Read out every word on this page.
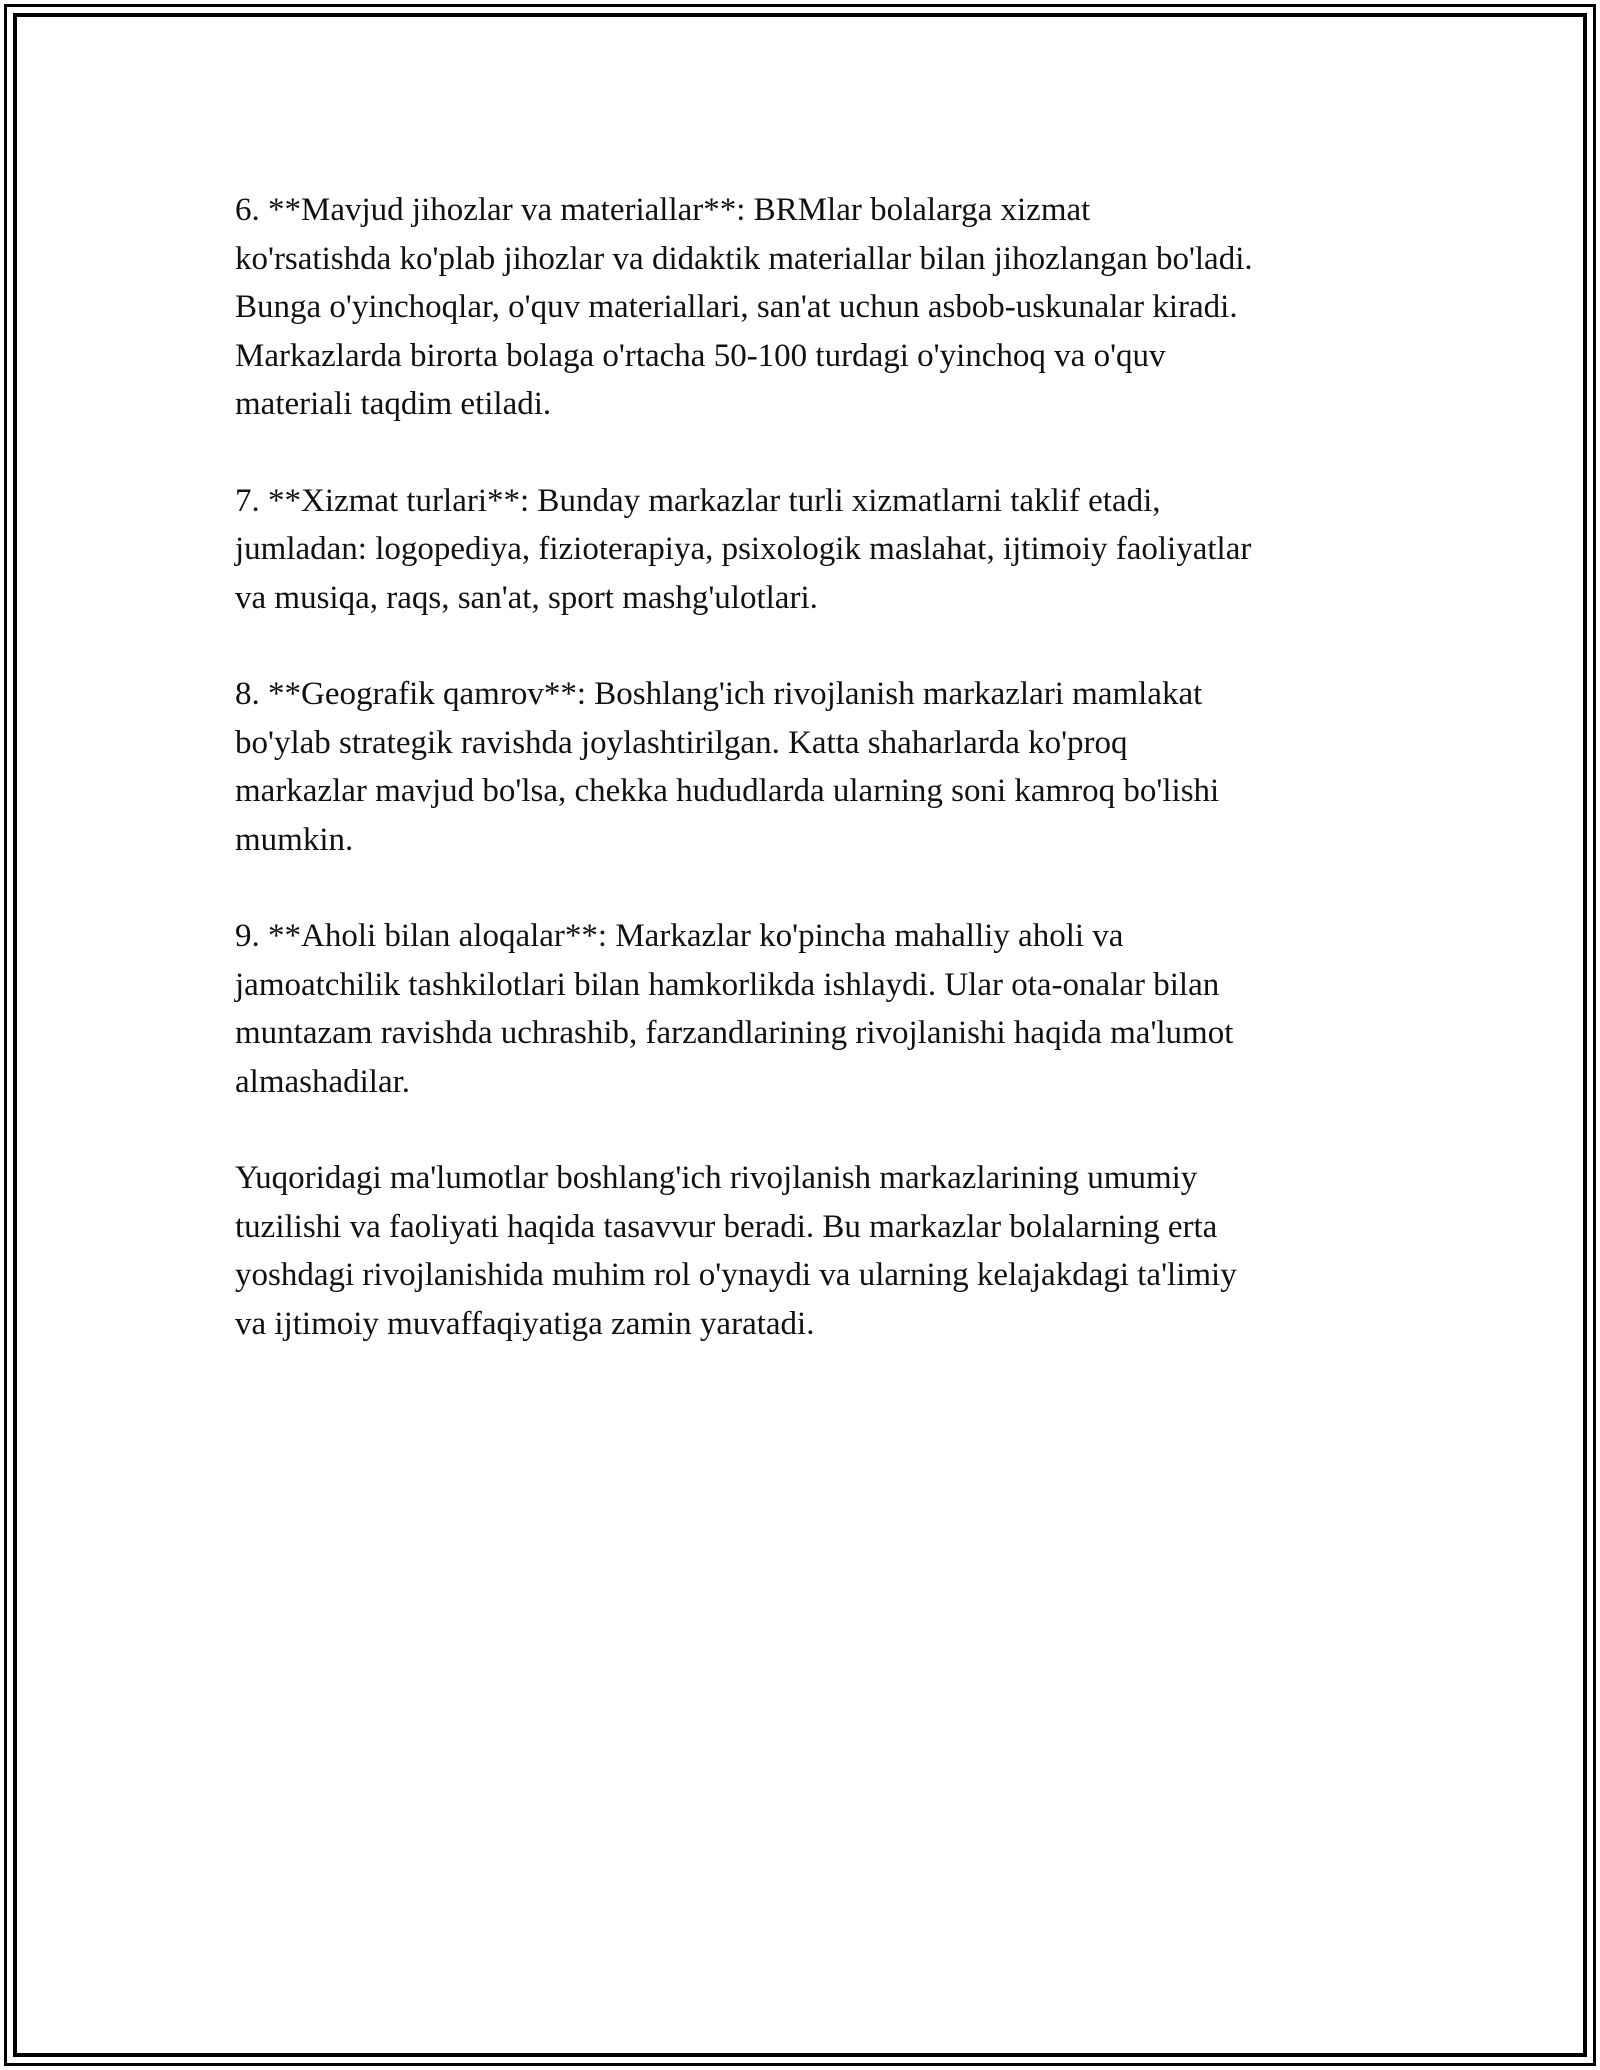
6. **Mavjud jihozlar va materiallar**: BRMlar bolalarga xizmat
ko'rsatishda ko'plab jihozlar va didaktik materiallar bilan jihozlangan bo'ladi.
Bunga o'yinchoqlar, o'quv materiallari, san'at uchun asbob-uskunalar kiradi.
Markazlarda birorta bolaga o'rtacha 50-100 turdagi o'yinchoq va o'quv
materiali taqdim etiladi.

7. **Xizmat turlari**: Bunday markazlar turli xizmatlarni taklif etadi,
jumladan: logopediya, fizioterapiya, psixologik maslahat, ijtimoiy faoliyatlar
va musiqa, raqs, san'at, sport mashg'ulotlari.

8. **Geografik qamrov**: Boshlang'ich rivojlanish markazlari mamlakat
bo'ylab strategik ravishda joylashtirilgan. Katta shaharlarda ko'proq
markazlar mavjud bo'lsa, chekka hududlarda ularning soni kamroq bo'lishi
mumkin.

9. **Aholi bilan aloqalar**: Markazlar ko'pincha mahalliy aholi va
jamoatchilik tashkilotlari bilan hamkorlikda ishlaydi. Ular ota-onalar bilan
muntazam ravishda uchrashib, farzandlarining rivojlanishi haqida ma'lumot
almashadilar.

Yuqoridagi ma'lumotlar boshlang'ich rivojlanish markazlarining umumiy
tuzilishi va faoliyati haqida tasavvur beradi. Bu markazlar bolalarning erta
yoshdagi rivojlanishida muhim rol o'ynaydi va ularning kelajakdagi ta'limiy
va ijtimoiy muvaffaqiyatiga zamin yaratadi.
